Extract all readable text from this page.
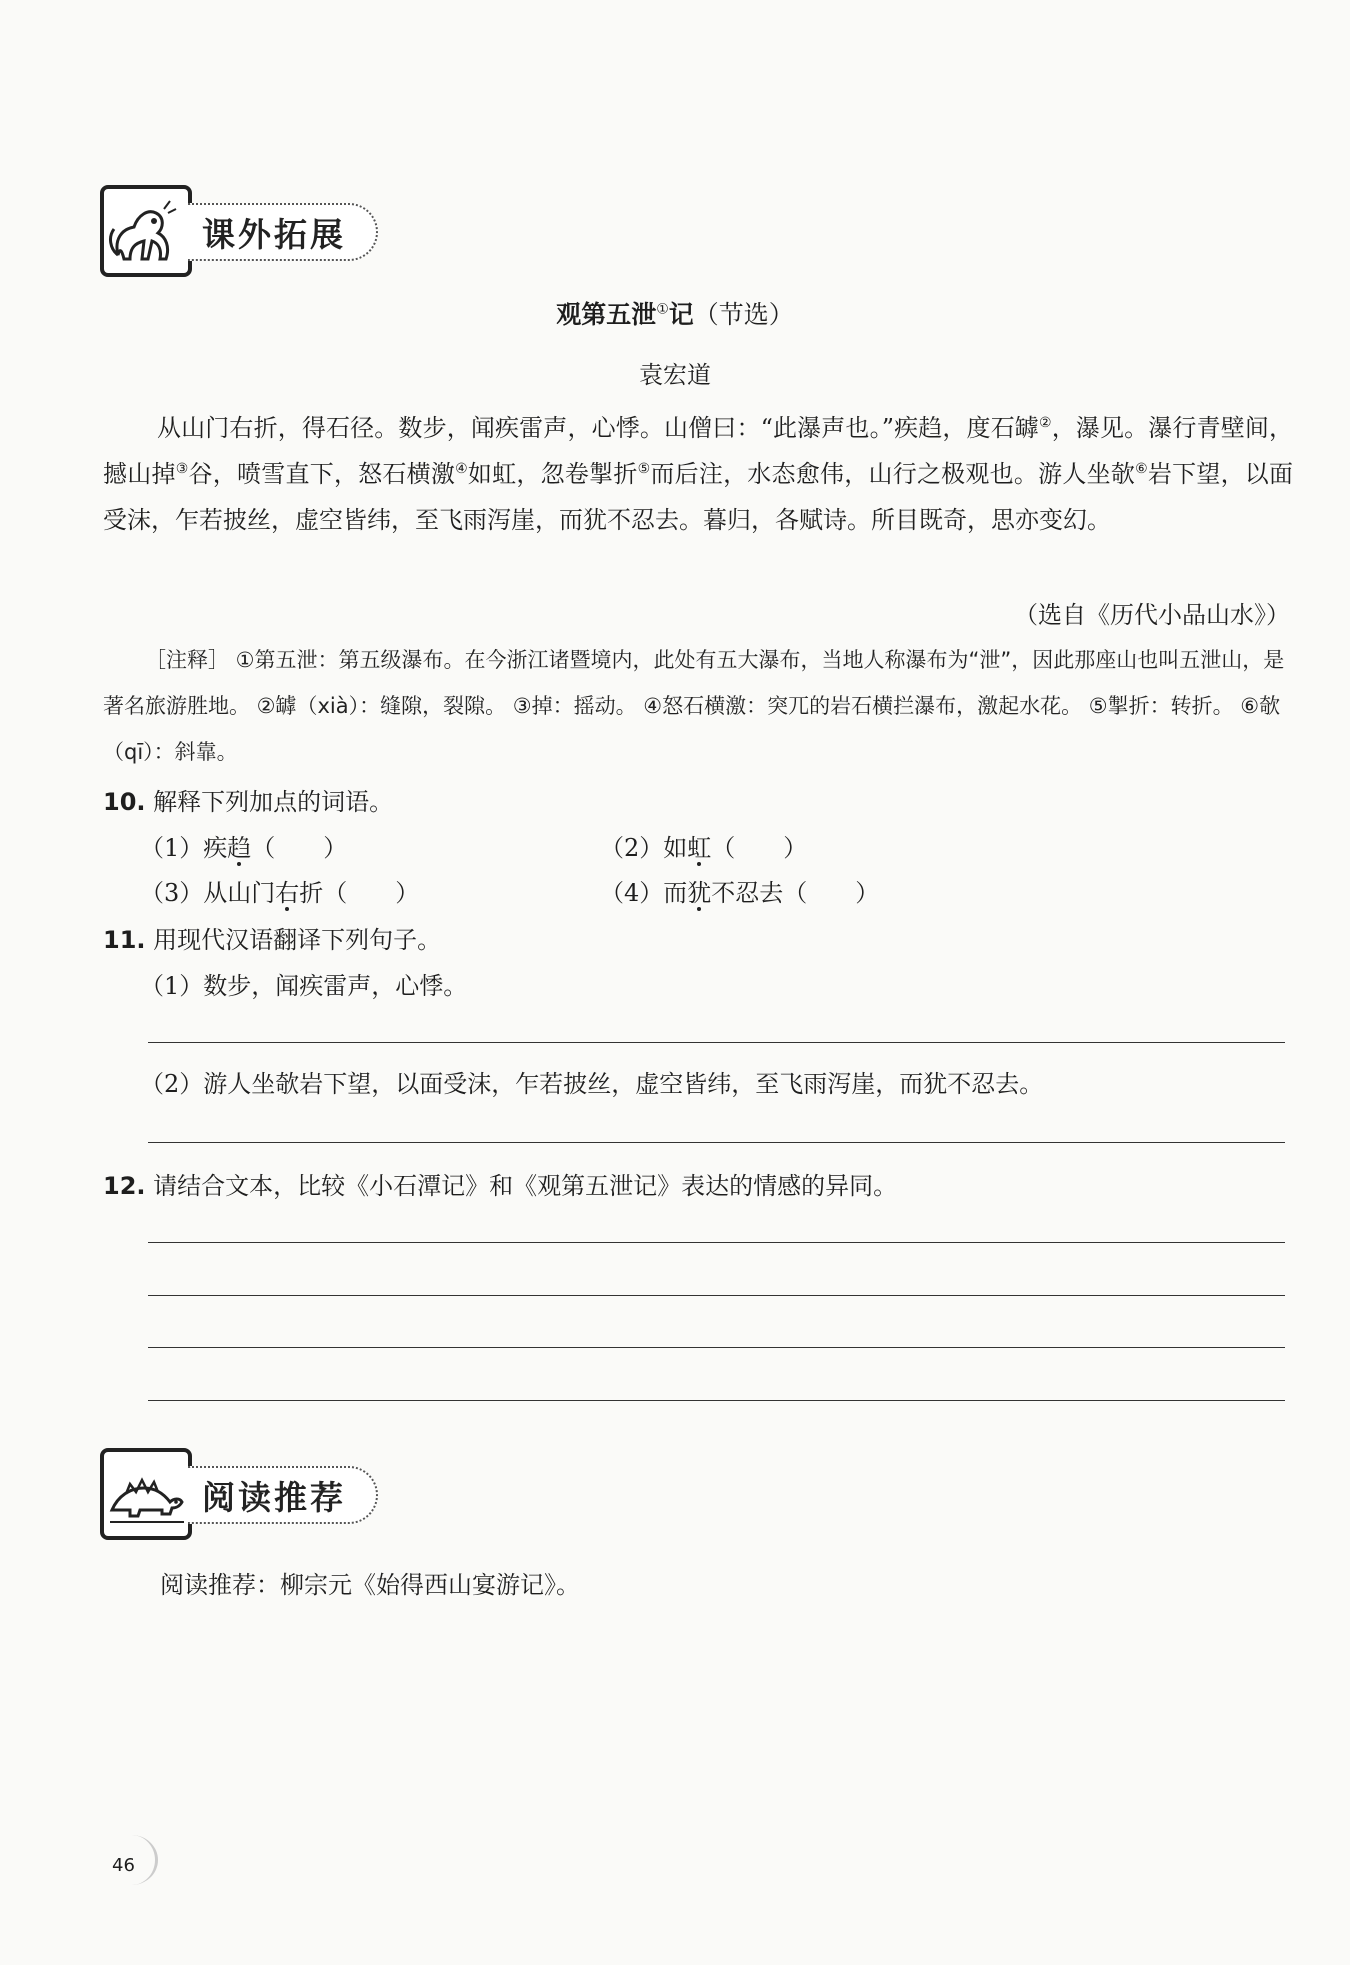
课外拓展
观第五泄①记（节选）
袁宏道
从山门右折，得石径。数步，闻疾雷声，心悸。山僧曰：“此瀑声也。”疾趋，度石罅②，瀑见。瀑行青壁间，撼山掉③谷，喷雪直下，怒石横激④如虹，忽卷掣折⑤而后注，水态愈伟，山行之极观也。游人坐欹⑥岩下望，以面受沫，乍若披丝，虚空皆纬，至飞雨泻崖，而犹不忍去。暮归，各赋诗。所目既奇，思亦变幻。
（选自《历代小品山水》）
［注释］ ①第五泄：第五级瀑布。在今浙江诸暨境内，此处有五大瀑布，当地人称瀑布为“泄”，因此那座山也叫五泄山，是著名旅游胜地。 ②罅（xià）：缝隙，裂隙。 ③掉：摇动。 ④怒石横激：突兀的岩石横拦瀑布，激起水花。 ⑤掣折：转折。 ⑥欹（qī）：斜靠。
10. 解释下列加点的词语。
（1）疾趋（　　）	（2）如虹（　　）
（3）从山门右折（　　）	（4）而犹不忍去（　　）
11. 用现代汉语翻译下列句子。
（1）数步，闻疾雷声，心悸。
（2）游人坐欹岩下望，以面受沫，乍若披丝，虚空皆纬，至飞雨泻崖，而犹不忍去。
12. 请结合文本，比较《小石潭记》和《观第五泄记》表达的情感的异同。
阅读推荐
阅读推荐：柳宗元《始得西山宴游记》。
46
